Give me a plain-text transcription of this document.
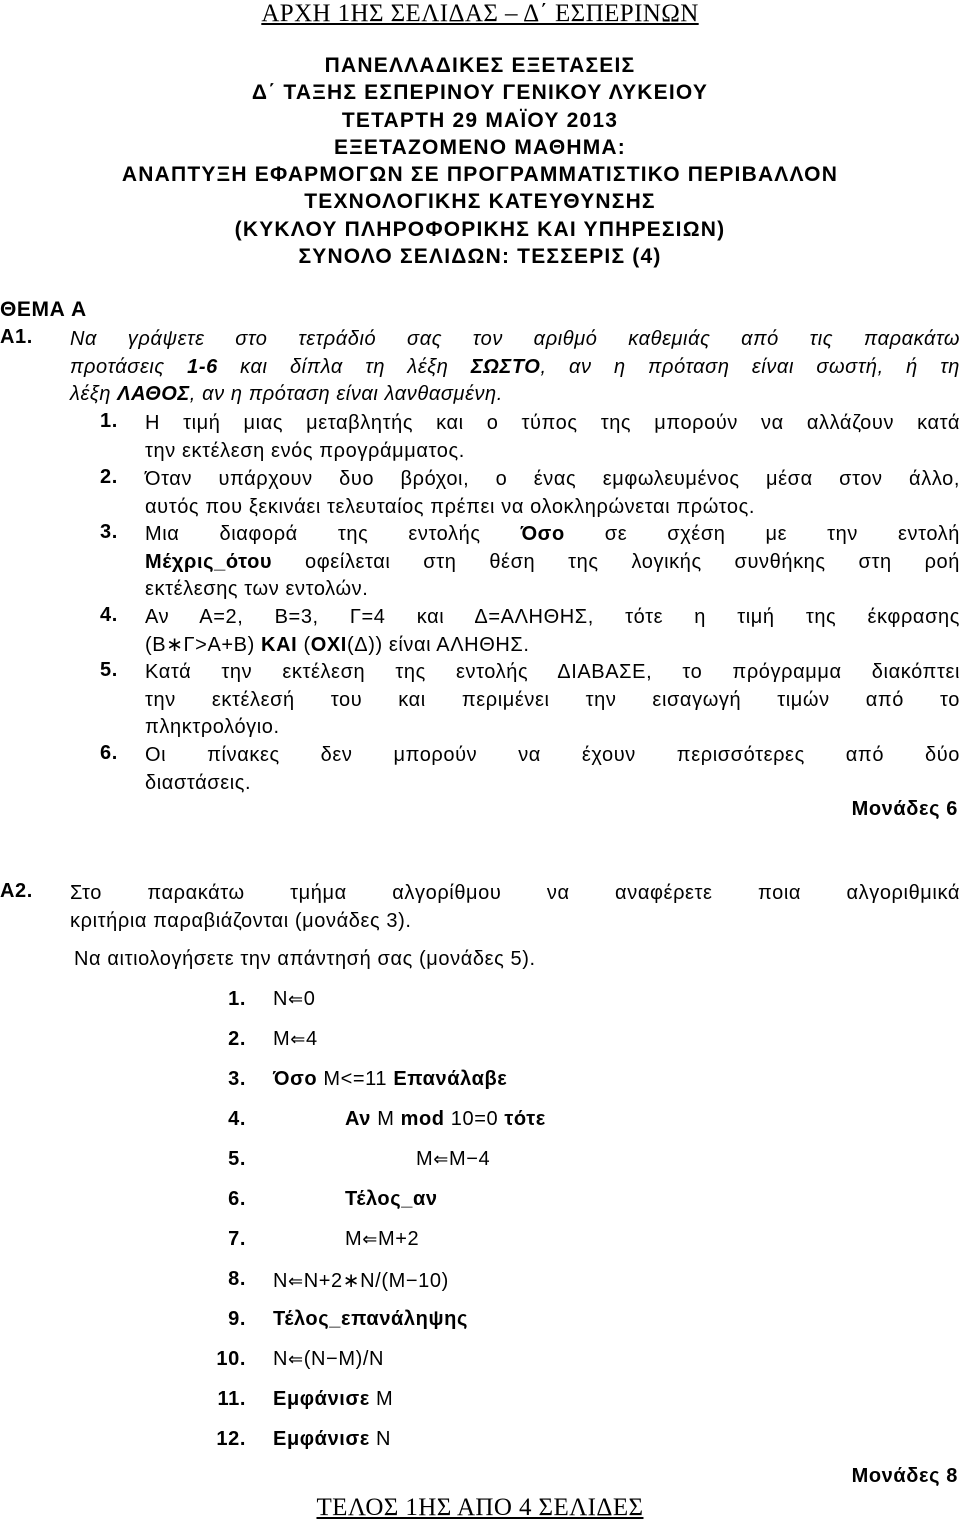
ΑΡΧΗ 1ΗΣ ΣΕΛΙΔΑΣ – Δ΄ ΕΣΠΕΡΙΝΩΝ
ΠΑΝΕΛΛΑΔΙΚΕΣ ΕΞΕΤΑΣΕΙΣ
Δ΄ ΤΑΞΗΣ ΕΣΠΕΡΙΝΟΥ ΓΕΝΙΚΟΥ ΛΥΚΕΙΟΥ
ΤΕΤΑΡΤΗ 29 ΜΑΪΟΥ 2013
ΕΞΕΤΑΖΟΜΕΝΟ ΜΑΘΗΜΑ:
ΑΝΑΠΤΥΞΗ ΕΦΑΡΜΟΓΩΝ ΣΕ ΠΡΟΓΡΑΜΜΑΤΙΣΤΙΚΟ ΠΕΡΙΒΑΛΛΟΝ
ΤΕΧΝΟΛΟΓΙΚΗΣ ΚΑΤΕΥΘΥΝΣΗΣ
(ΚΥΚΛΟΥ ΠΛΗΡΟΦΟΡΙΚΗΣ ΚΑΙ ΥΠΗΡΕΣΙΩΝ)
ΣΥΝΟΛΟ ΣΕΛΙΔΩΝ: ΤΕΣΣΕΡΙΣ (4)
ΘΕΜΑ Α
Α1. Να γράψετε στο τετράδιό σας τον αριθμό καθεμιάς από τις παρακάτω
προτάσεις 1-6 και δίπλα τη λέξη ΣΩΣΤΟ, αν η πρόταση είναι σωστή, ή τη
λέξη ΛΑΘΟΣ, αν η πρόταση είναι λανθασμένη.
1. Η τιμή μιας μεταβλητής και ο τύπος της μπορούν να αλλάζουν κατά
την εκτέλεση ενός προγράμματος.
2. Όταν υπάρχουν δυο βρόχοι, ο ένας εμφωλευμένος μέσα στον άλλο,
αυτός που ξεκινάει τελευταίος πρέπει να ολοκληρώνεται πρώτος.
3. Μια διαφορά της εντολής Όσο σε σχέση με την εντολή
Μέχρις_ότου οφείλεται στη θέση της λογικής συνθήκης στη ροή
εκτέλεσης των εντολών.
4. Αν Α=2, Β=3, Γ=4 και Δ=ΑΛΗΘΗΣ, τότε η τιμή της έκφρασης
(Β∗Γ>Α+Β) ΚΑΙ (ΟΧΙ(Δ)) είναι ΑΛΗΘΗΣ.
5. Κατά την εκτέλεση της εντολής ΔΙΑΒΑΣΕ, το πρόγραμμα διακόπτει
την εκτέλεσή του και περιμένει την εισαγωγή τιμών από το
πληκτρολόγιο.
6. Οι πίνακες δεν μπορούν να έχουν περισσότερες από δύο
διαστάσεις.
Μονάδες 6
Α2. Στο παρακάτω τμήμα αλγορίθμου να αναφέρετε ποια αλγοριθμικά
κριτήρια παραβιάζονται (μονάδες 3).
Να αιτιολογήσετε την απάντησή σας (μονάδες 5).
1. Ν⇐0
2. Μ⇐4
3. Όσο Μ<=11 Επανάλαβε
4.	Αν Μ mod 10=0 τότε
5.	Μ⇐Μ−4
6.	Τέλος_αν
7.	Μ⇐Μ+2
8. Ν⇐Ν+2∗Ν/(Μ−10)
9. Τέλος_επανάληψης
10. Ν⇐(Ν−Μ)/Ν
11. Εμφάνισε Μ
12. Εμφάνισε Ν
Μονάδες 8
ΤΕΛΟΣ 1ΗΣ ΑΠΟ 4 ΣΕΛΙΔΕΣ
